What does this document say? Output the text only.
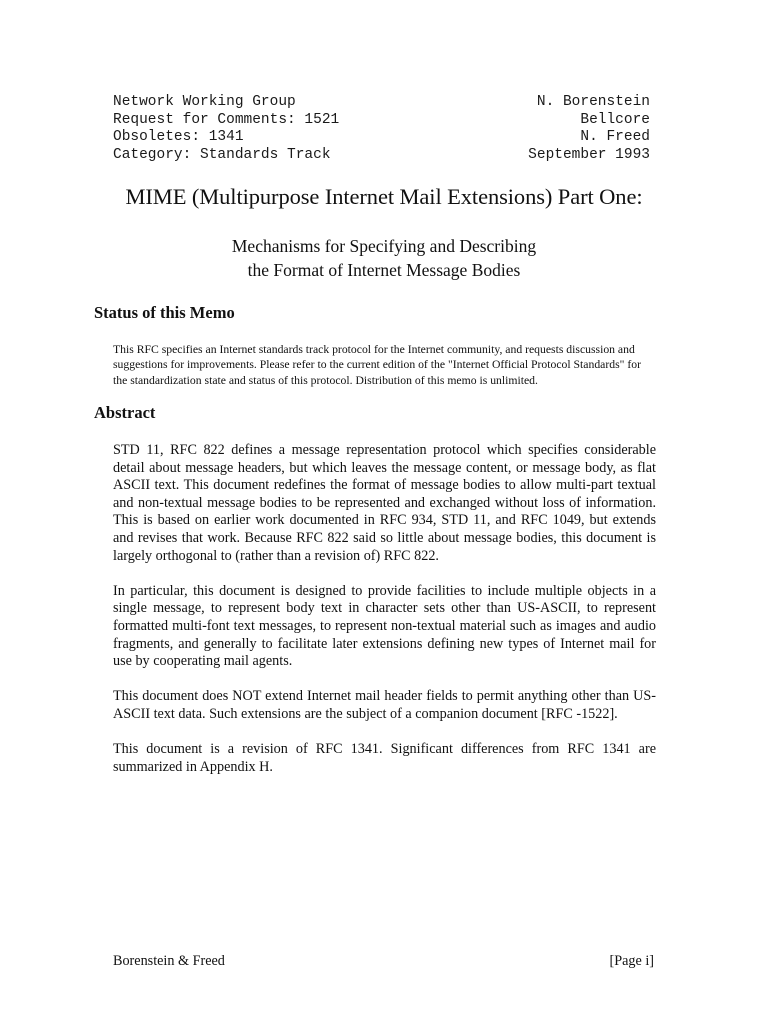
Network Working Group	N. Borenstein
Request for Comments: 1521	Bellcore
Obsoletes: 1341	N. Freed
Category: Standards Track	September 1993
MIME (Multipurpose Internet Mail Extensions) Part One:
Mechanisms for Specifying and Describing
the Format of Internet Message Bodies
Status of this Memo

This RFC specifies an Internet standards track protocol for the Internet community, and requests discussion and suggestions for improvements. Please refer to the current edition of the "Internet Official Protocol Standards" for the standardization state and status of this protocol. Distribution of this memo is unlimited.

Abstract

STD 11, RFC 822 defines a message representation protocol which specifies considerable detail about message headers, but which leaves the message content, or message body, as flat ASCII text. This document redefines the format of message bodies to allow multi-part textual and non-textual message bodies to be represented and exchanged without loss of information. This is based on earlier work documented in RFC 934, STD 11, and RFC 1049, but extends and revises that work. Because RFC 822 said so little about message bodies, this document is largely orthogonal to (rather than a revision of) RFC 822.

In particular, this document is designed to provide facilities to include multiple objects in a single message, to represent body text in character sets other than US-ASCII, to represent formatted multi-font text messages, to represent non-textual material such as images and audio fragments, and generally to facilitate later extensions defining new types of Internet mail for use by cooperating mail agents.

This document does NOT extend Internet mail header fields to permit anything other than US-ASCII text data. Such extensions are the subject of a companion document [RFC -1522].

This document is a revision of RFC 1341. Significant differences from RFC 1341 are summarized in Appendix H.

Borenstein & Freed	[Page i]
